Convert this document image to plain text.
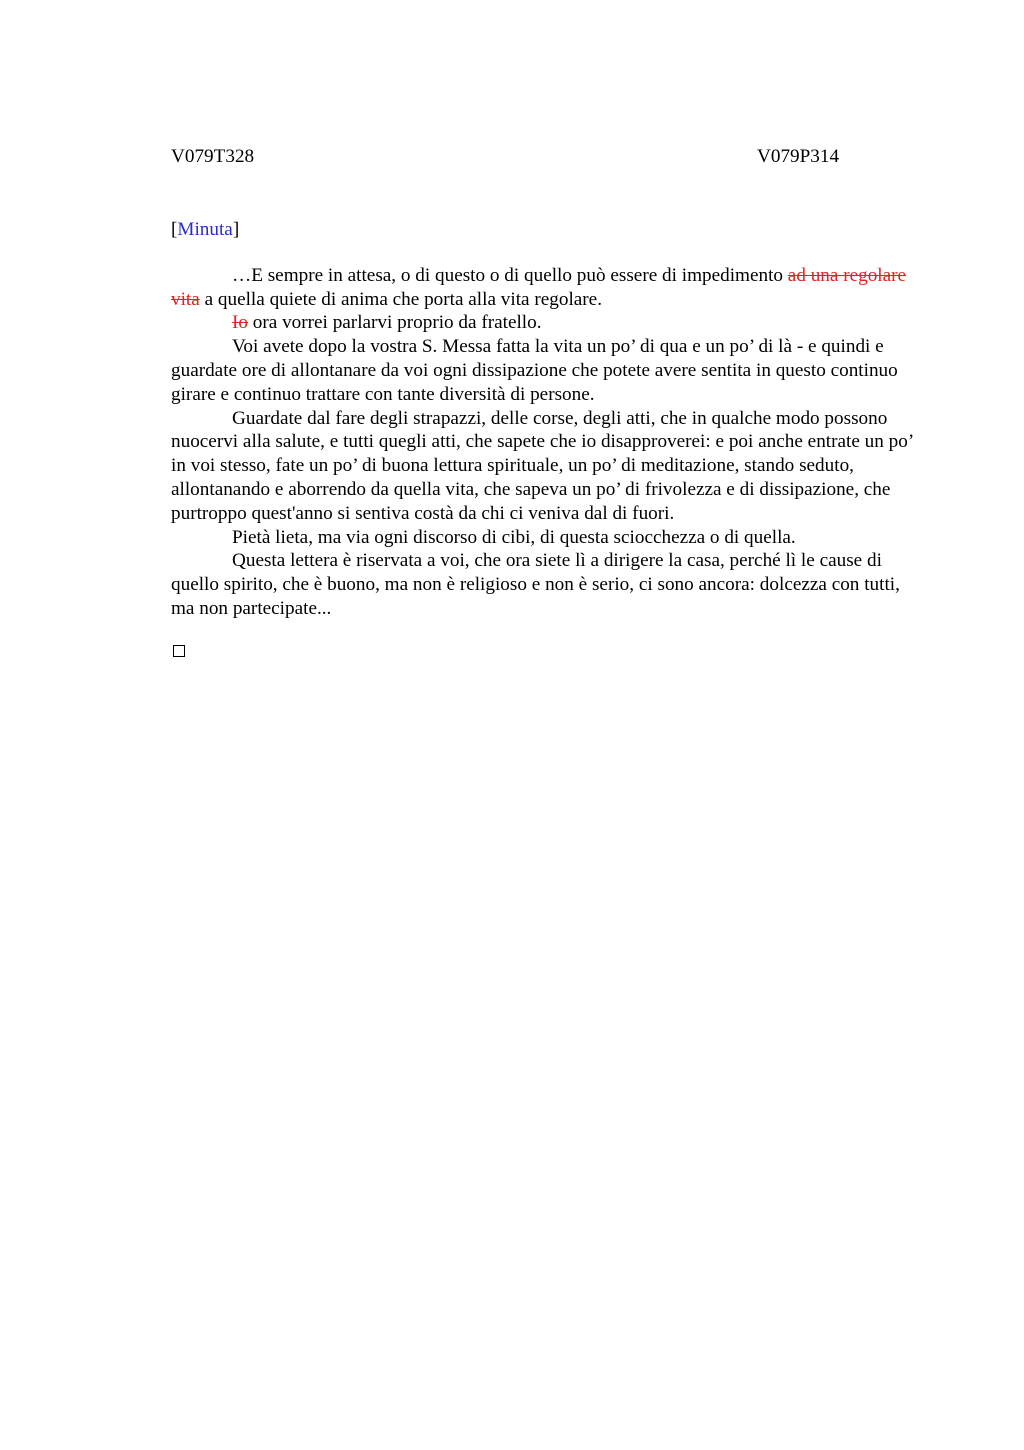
V079T328	V079P314
[Minuta]

…E sempre in attesa, o di questo o di quello può essere di impedimento ad una regolare vita a quella quiete di anima che porta alla vita regolare.

Io ora vorrei parlarvi proprio da fratello.

Voi avete dopo la vostra S. Messa fatta la vita un po’ di qua e un po’ di là - e quindi e guardate ore di allontanare da voi ogni dissipazione che potete avere sentita in questo continuo girare e continuo trattare con tante diversità di persone.

Guardate dal fare degli strapazzi, delle corse, degli atti, che in qualche modo possono nuocervi alla salute, e tutti quegli atti, che sapete che io disapproverei: e poi anche entrate un po’ in voi stesso, fate un po’ di buona lettura spirituale, un po’ di meditazione, stando seduto, allontanando e aborrendo da quella vita, che sapeva un po’ di frivolezza e di dissipazione, che purtroppo quest'anno si sentiva costà da chi ci veniva dal di fuori.

Pietà lieta, ma via ogni discorso di cibi, di questa sciocchezza o di quella.

Questa lettera è riservata a voi, che ora siete lì a dirigere la casa, perché lì le cause di quello spirito, che è buono, ma non è religioso e non è serio, ci sono ancora: dolcezza con tutti, ma non partecipate...
